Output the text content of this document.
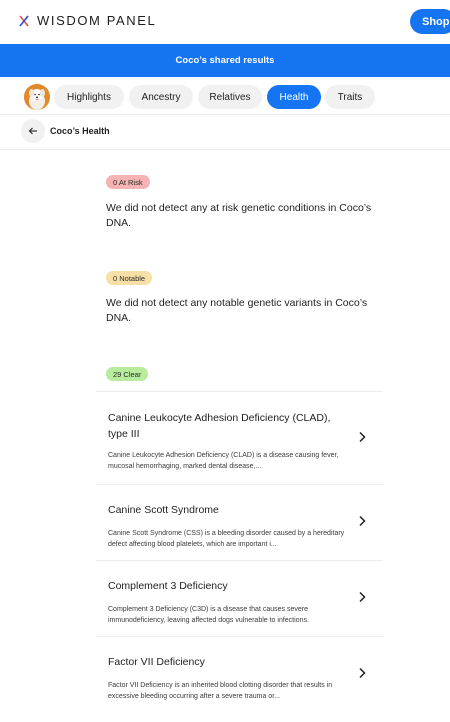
WISDOM PANEL	Shop
Coco’s shared results
Highlights	Ancestry	Relatives	Health	Traits
Coco’s Health
0 At Risk
We did not detect any at risk genetic conditions in Coco’s DNA.
0 Notable
We did not detect any notable genetic variants in Coco’s DNA.
29 Clear
Canine Leukocyte Adhesion Deficiency (CLAD), type III
Canine Leukocyte Adhesion Deficiency (CLAD) is a disease causing fever, mucosal hemorrhaging, marked dental disease,...
Canine Scott Syndrome
Canine Scott Syndrome (CSS) is a bleeding disorder caused by a hereditary defect affecting blood platelets, which are important i...
Complement 3 Deficiency
Complement 3 Deficiency (C3D) is a disease that causes severe immunodeficiency, leaving affected dogs vulnerable to infections.
Factor VII Deficiency
Factor VII Deficiency is an inherited blood clotting disorder that results in excessive bleeding occurring after a severe trauma or...
